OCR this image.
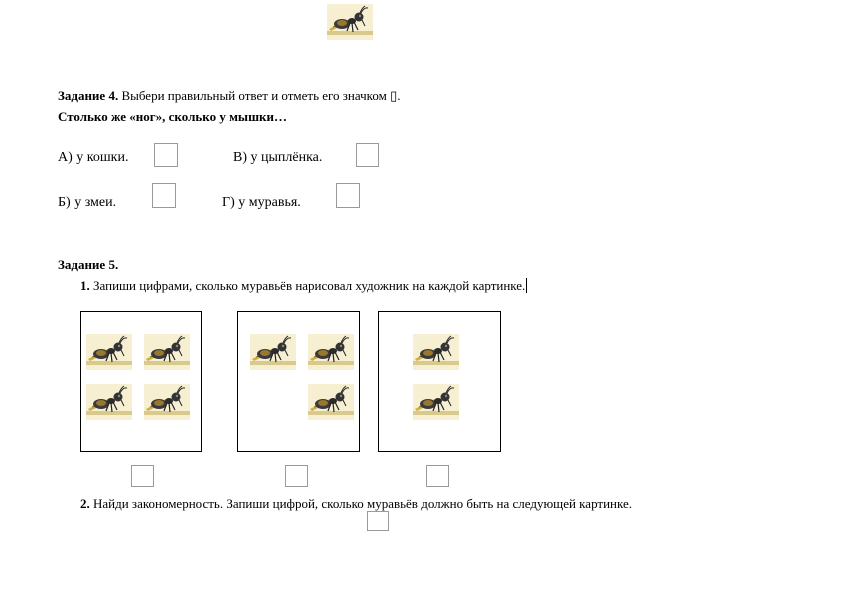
Задание 4. Выбери правильный ответ и отметь его значком ▯.
Столько же «ног», сколько у мышки…
А) у кошки.	В) у цыплёнка.
Б) у змеи.	Г) у муравья.
Задание 5.
1. Запиши цифрами, сколько муравьёв нарисовал художник на каждой картинке.
2. Найди закономерность. Запиши цифрой, сколько муравьёв должно быть на следующей картинке.
